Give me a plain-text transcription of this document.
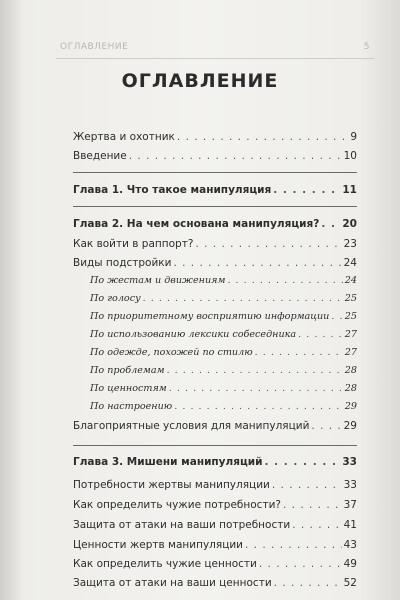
ОГЛАВЛЕНИЕ	5
ОГЛАВЛЕНИЕ
Жертва и охотник . . .	9
Введение . . .	10
Глава 1. Что такое манипуляция . . .	11
Глава 2. На чем основана манипуляция? . . . 20
Как войти в раппорт? . . .	23
Виды подстройки . . .	24
По жестам и движениям . . .	24
По голосу . . .	25
По приоритетному восприятию информации . . . 25
По использованию лексики собеседника . . .	27
По одежде, похожей по стилю . . .	27
По проблемам . . .	28
По ценностям . . .	28
По настроению . . .	29
Благоприятные условия для манипуляций . . .	29
Глава 3. Мишени манипуляций . . .	33
Потребности жертвы манипуляции . . .	33
Как определить чужие потребности? . . .	37
Защита от атаки на ваши потребности . . .	41
Ценности жертв манипуляции . . .	43
Как определить чужие ценности . . .	49
Защита от атаки на ваши ценности . . .	52
